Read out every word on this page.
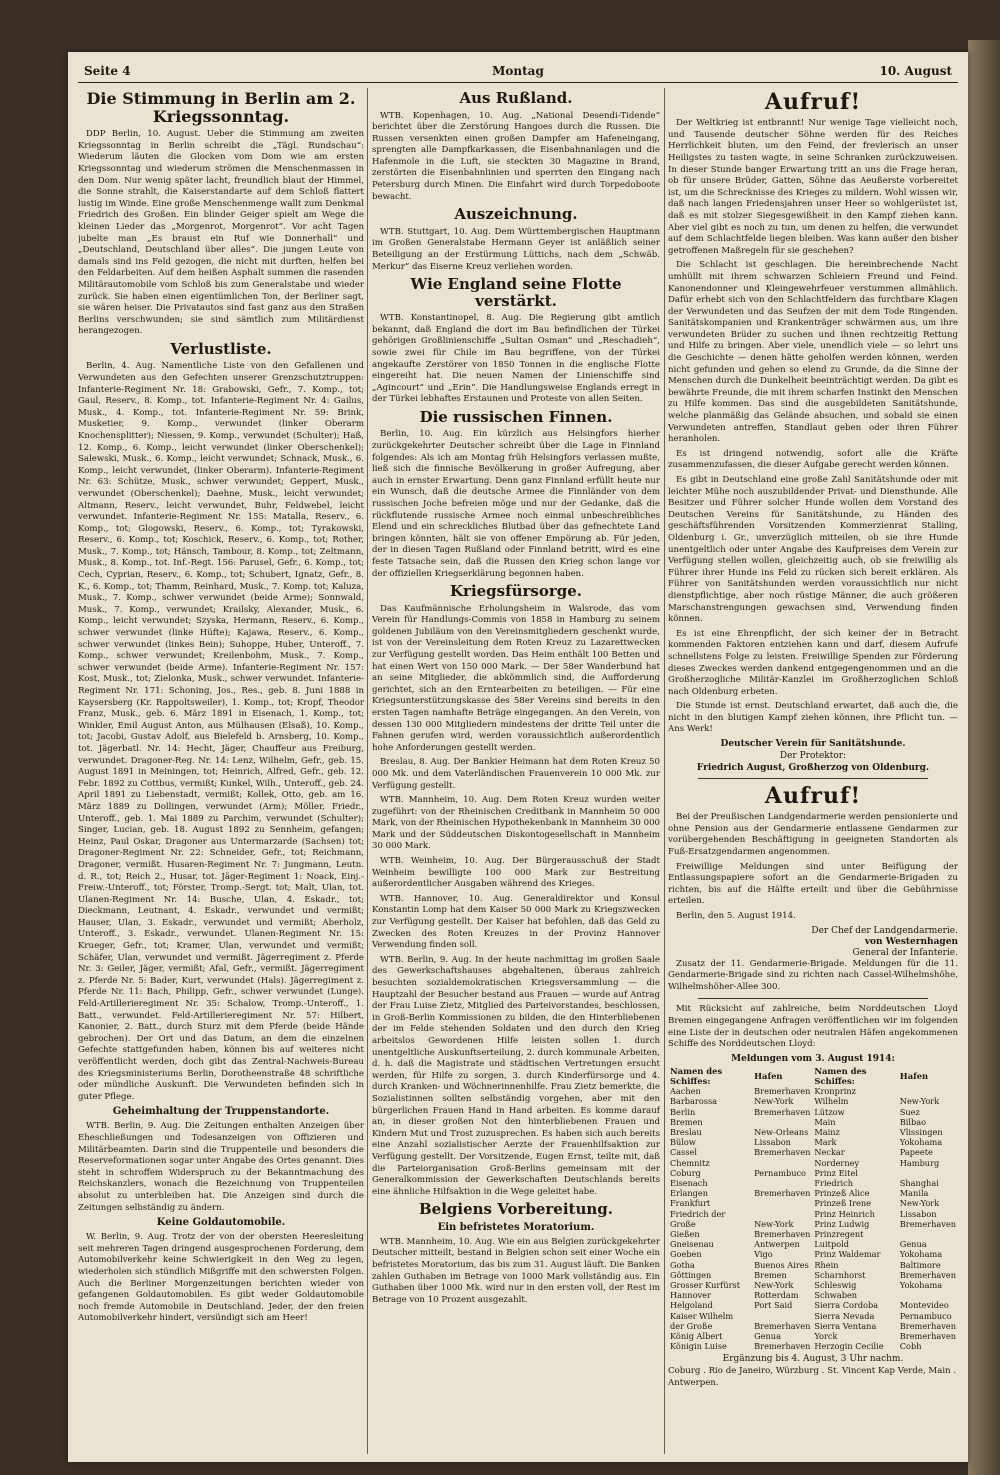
Seite 4	Montag	10. August
Die Stimmung in Berlin am 2. Kriegssonntag.

DDP Berlin, 10. August. Ueber die Stimmung am zweiten Kriegssonntag in Berlin schreibt die „Tägl. Rundschau“: Wiederum läuten die Glocken vom Dom wie am ersten Kriegssonntag und wiederum strömen die Menschenmassen in den Dom. Nur wenig später lacht, freundlich blaut der Himmel, die Sonne strahlt, die Kaiserstandarte auf dem Schloß flattert lustig im Winde. Eine große Menschenmenge wallt zum Denkmal Friedrich des Großen. Ein blinder Geiger spielt am Wege die kleinen Lieder das „Morgenrot, Morgenrot“. Vor acht Tagen jubelte man „Es braust ein Ruf wie Donnerhall“ und „Deutschland, Deutschland über alles“. Die jungen Leute von damals sind ins Feld gezogen, die nicht mit durften, helfen bei den Feldarbeiten. Auf dem heißen Asphalt summen die rasenden Militärautomobile vom Schloß bis zum Generalstabe und wieder zurück. Sie haben einen eigentümlichen Ton, der Berliner sagt, sie wären heiser. Die Privatautos sind fast ganz aus den Straßen Berlins verschwunden; sie sind sämtlich zum Militärdienst herangezogen.

Verlustliste.

Berlin, 4. Aug. Namentliche Liste von den Gefallenen und Verwundeten aus den Gefechten unserer Grenzschutztruppen: Infanterie-Regiment Nr. 18: Grabowski, Gefr., 7. Komp., tot; Gaul, Reserv., 8. Komp., tot. Infanterie-Regiment Nr. 4: Gailus, Musk., 4. Komp., tot. Infanterie-Regiment Nr. 59: Brink, Musketier, 9. Komp., verwundet (linker Oberarm Knochensplitter); Niessen, 9. Komp., verwundet (Schulter); Haß, 12. Komp., 6. Komp., leicht verwundet (linker Oberschenkel); Salewski, Musk., 6. Komp., leicht verwundet; Schnack, Musk., 6. Komp., leicht verwundet, (linker Oberarm). Infanterie-Regiment Nr. 63: Schütze, Musk., schwer verwundet; Geppert, Musk., verwundet (Oberschenkel); Daehne, Musk., leicht verwundet; Altmann, Reserv., leicht verwundet, Buhr, Feldwebel, leicht verwundet. Infanterie-Regiment Nr. 155: Matalla, Reserv., 6. Komp., tot; Glogowski, Reserv., 6. Komp., tot; Tyrakowski, Reserv., 6. Komp., tot; Koschick, Reserv., 6. Komp., tot; Rother, Musk., 7. Komp., tot; Hänsch, Tambour, 8. Komp., tot; Zeltmann, Musk., 8. Komp., tot. Inf.-Regt. 156: Parusel, Gefr., 6. Komp., tot; Cech, Cyprian, Reserv., 6. Komp., tot; Schubert, Ignatz, Gefr., 8. K., 6. Komp., tot; Thamm, Reinhard, Musk., 7. Komp. tot; Kaluza, Musk., 7. Komp., schwer verwundet (beide Arme); Sonnwald, Musk., 7. Komp., verwundet; Krailsky, Alexander, Musk., 6. Komp., leicht verwundet; Szyska, Hermann, Reserv., 6. Komp., schwer verwundet (linke Hüfte); Kajawa, Reserv., 6. Komp., schwer verwundet (linkes Bein); Suhoppe, Huber, Unteroff., 7. Komp., schwer verwundet; Kreilenbohm, Musk., 7. Komp., schwer verwundet (beide Arme). Infanterie-Regiment Nr. 157: Kost, Musk., tot; Zielonka, Musk., schwer verwundet. Infanterie-Regiment Nr. 171: Schoning, Jos., Res., geb. 8. Juni 1888 in Kaysersberg (Kr. Rappoltsweiler), 1. Komp., tot; Kropf, Theodor Franz, Musk., geb. 6. März 1891 in Eisenach, 1. Komp., tot; Winkler, Emil August Anton, aus Mülhausen (Elsaß), 10. Komp., tot; Jacobi, Gustav Adolf, aus Bielefeld b. Arnsberg, 10. Komp., tot. Jägerbatl. Nr. 14: Hecht, Jäger, Chauffeur aus Freiburg, verwundet. Dragoner-Reg. Nr. 14: Lenz, Wilhelm, Gefr., geb. 15. August 1891 in Meiningen, tot; Heinrich, Alfred, Gefr., geb. 12. Febr. 1892 zu Cottbus, vermißt; Kunkel, Wilh., Unteroff., geb. 24. April 1891 zu Liebenstadt, vermißt; Kollek, Otto, geb. am 16. März 1889 zu Dollingen, verwundet (Arm); Möller, Friedr., Unteroff., geb. 1. Mai 1889 zu Parchim, verwundet (Schulter); Singer, Lucian, geb. 18. August 1892 zu Sennheim, gefangen; Heinz, Paul Oskar, Dragoner aus Untermarzarde (Sachsen) tot; Dragoner-Regiment Nr. 22: Schneider, Gefr., tot; Reichmann, Dragoner, vermißt. Husaren-Regiment Nr. 7: Jungmann, Leutn. d. R., tot; Reich 2., Husar, tot. Jäger-Regiment 1: Noack, Einj.-Freiw.-Unteroff., tot; Förster, Tromp.-Sergt. tot; Malt, Ulan, tot. Ulanen-Regiment Nr. 14: Busche, Ulan, 4. Eskadr., tot; Dieckmann, Leutnant, 4. Eskadr., verwundet und vermißt; Hauser, Ulan, 3. Eskadr., verwundet und vermißt; Aberholz, Unteroff., 3. Eskadr., verwundet. Ulanen-Regiment Nr. 15: Krueger, Gefr., tot; Kramer, Ulan, verwundet und vermißt; Schäfer, Ulan, verwundet und vermißt. Jägerregiment z. Pferde Nr. 3: Geiler, Jäger, vermißt; Afal, Gefr., vermißt. Jägerregiment z. Pferde Nr. 5: Bader, Kurt, verwundet (Hals). Jägerregiment z. Pferde Nr. 11: Bach, Philipp, Gefr., schwer verwundet (Lunge). Feld-Artillerieregiment Nr. 35: Schalow, Tromp.-Unteroff., 1. Batt., verwundet. Feld-Artillerieregiment Nr. 57: Hilbert, Kanonier, 2. Batt., durch Sturz mit dem Pferde (beide Hände gebrochen). Der Ort und das Datum, an dem die einzelnen Gefechte stattgefunden haben, können bis auf weiteres nicht veröffentlicht werden, doch gibt das Zentral-Nachweis-Bureau des Kriegsministeriums Berlin, Dorotheenstraße 48 schriftliche oder mündliche Auskunft. Die Verwundeten befinden sich in guter Pflege.

Geheimhaltung der Truppenstandorte.

WTB. Berlin, 9. Aug. Die Zeitungen enthalten Anzeigen über Eheschließungen und Todesanzeigen von Offizieren und Militärbeamten. Darin sind die Truppenteile und besonders die Reserveformationen sogar unter Angabe des Ortes genannt. Dies steht in schroffem Widerspruch zu der Bekanntmachung des Reichskanzlers, wonach die Bezeichnung von Truppenteilen absolut zu unterbleiben hat. Die Anzeigen sind durch die Zeitungen selbständig zu ändern.

Keine Goldautomobile.

W. Berlin, 9. Aug. Trotz der von der obersten Heeresleitung seit mehreren Tagen dringend ausgesprochenen Forderung, dem Automobilverkehr keine Schwierigkeit in den Weg zu legen, wiederholen sich stündlich Mißgriffe mit den schwersten Folgen. Auch die Berliner Morgenzeitungen berichten wieder von gefangenen Goldautomobilen. Es gibt weder Goldautomobile noch fremde Automobile in Deutschland. Jeder, der den freien Automobilverkehr hindert, versündigt sich am Heer!

Aus Rußland.

WTB. Kopenhagen, 10. Aug. „National Desendi-Tidende“ berichtet über die Zerstörung Hangoes durch die Russen. Die Russen versenkten einen großen Dampfer am Hafeneingang, sprengten alle Dampfkarkassen, die Eisenbahnanlagen und die Hafenmole in die Luft, sie steckten 30 Magazine in Brand, zerstörten die Eisenbahnlinien und sperrten den Eingang nach Petersburg durch Minen. Die Einfahrt wird durch Torpedoboote bewacht.

Auszeichnung.

WTB. Stuttgart, 10. Aug. Dem Württembergischen Hauptmann im Großen Generalstabe Hermann Geyer ist anläßlich seiner Beteiligung an der Erstürmung Lüttichs, nach dem „Schwäb. Merkur“ das Eiserne Kreuz verliehen worden.

Wie England seine Flotte verstärkt.

WTB. Konstantinopel, 8. Aug. Die Regierung gibt amtlich bekannt, daß England die dort im Bau befindlichen der Türkei gehörigen Großlinienschiffe „Sultan Osman“ und „Reschadieh“, sowie zwei für Chile im Bau begriffene, von der Türkei angekaufte Zerstörer von 1850 Tonnen in die englische Flotte eingereiht hat. Die neuen Namen der Linienschiffe sind „Agincourt“ und „Erin“. Die Handlungsweise Englands erregt in der Türkei lebhaftes Erstaunen und Proteste von allen Seiten.

Die russischen Finnen.

Berlin, 10. Aug. Ein kürzlich aus Helsingfors hierher zurückgekehrter Deutscher schreibt über die Lage in Finnland folgendes: Als ich am Montag früh Helsingfors verlassen mußte, ließ sich die finnische Bevölkerung in großer Aufregung, aber auch in ernster Erwartung. Denn ganz Finnland erfüllt heute nur ein Wunsch, daß die deutsche Armee die Finnländer von dem russischen Joche befreien möge und nur der Gedanke, daß die rückflutende russische Armee noch einmal unbeschreibliches Elend und ein schreckliches Blutbad über das gefnechtete Land bringen könnten, hält sie von offener Empörung ab. Für jeden, der in diesen Tagen Rußland oder Finnland betritt, wird es eine feste Tatsache sein, daß die Russen den Krieg schon lange vor der offiziellen Kriegserklärung begonnen haben.

Kriegsfürsorge.

Das Kaufmännische Erholungsheim in Walsrode, das vom Verein für Handlungs-Commis von 1858 in Hamburg zu seinem goldenen Jubiläum von den Vereinsmitgliedern geschenkt wurde, ist von der Vereinsleitung dem Roten Kreuz zu Lazarettwecken zur Verfügung gestellt worden. Das Heim enthält 100 Betten und hat einen Wert von 150 000 Mark. — Der 58er Wanderbund hat an seine Mitglieder, die abkömmlich sind, die Aufforderung gerichtet, sich an den Erntearbeiten zu beteiligen. — Für eine Kriegsunterstützungskasse des 58er Vereins sind bereits in den ersten Tagen namhafte Beträge eingegangen. An den Verein, von dessen 130 000 Mitgliedern mindestens der dritte Teil unter die Fahnen gerufen wird, werden voraussichtlich außerordentlich hohe Anforderungen gestellt werden.

Breslau, 8. Aug. Der Bankier Heimann hat dem Roten Kreuz 50 000 Mk. und dem Vaterländischen Frauenverein 10 000 Mk. zur Verfügung gestellt.

WTB. Mannheim, 10. Aug. Dem Roten Kreuz wurden weiter zugeführt: von der Rheinischen Creditbank in Mannheim 50 000 Mark, von der Rheinischen Hypothekenbank in Mannheim 30 000 Mark und der Süddeutschen Diskontogesellschaft in Mannheim 30 000 Mark.

WTB. Weinheim, 10. Aug. Der Bürgerausschuß der Stadt Weinheim bewilligte 100 000 Mark zur Bestreitung außerordentlicher Ausgaben während des Krieges.

WTB. Hannover, 10. Aug. Generaldirektor und Konsul Konstantin Lomp hat dem Kaiser 50 000 Mark zu Kriegszwecken zur Verfügung gestellt. Der Kaiser hat befohlen, daß das Geld zu Zwecken des Roten Kreuzes in der Provinz Hannover Verwendung finden soll.

WTB. Berlin, 9. Aug. In der heute nachmittag im großen Saale des Gewerkschaftshauses abgehaltenen, überaus zahlreich besuchten sozialdemokratischen Kriegsversammlung — die Hauptzahl der Besucher bestand aus Frauen — wurde auf Antrag der Frau Luise Zietz, Mitglied des Parteivorstandes, beschlossen, in Groß-Berlin Kommissionen zu bilden, die den Hinterbliebenen der im Felde stehenden Soldaten und den durch den Krieg arbeitslos Gewordenen Hilfe leisten sollen 1. durch unentgeltliche Auskunftserteilung, 2. durch kommunale Arbeiten, d. h. daß die Magistrate und städtischen Vertretungen ersucht werden, für Hilfe zu sorgen, 3. durch Kinderfürsorge und 4. durch Kranken- und Wöchnerinnenhilfe. Frau Zietz bemerkte, die Sozialistinnen sollten selbständig vorgehen, aber mit den bürgerlichen Frauen Hand in Hand arbeiten. Es komme darauf an, in dieser großen Not den hinterbliebenen Frauen und Kindern Mut und Trost zuzusprechen. Es haben sich auch bereits eine Anzahl sozialistischer Aerzte der Frauenhilfsaktion zur Verfügung gestellt. Der Vorsitzende, Eugen Ernst, teilte mit, daß die Parteiorganisation Groß-Berlins gemeinsam mit der Generalkommission der Gewerkschaften Deutschlands bereits eine ähnliche Hilfsaktion in die Wege geleitet habe.

Belgiens Vorbereitung.
Ein befristetes Moratorium.

WTB. Mannheim, 10. Aug. Wie ein aus Belgien zurückgekehrter Deutscher mitteilt, bestand in Belgien schon seit einer Woche ein befristetes Moratorium, das bis zum 31. August läuft. Die Banken zahlen Guthaben im Betrage von 1000 Mark vollständig aus. Ein Guthaben über 1000 Mk. wird nur in den ersten voll, der Rest im Betrage von 10 Prozent ausgezahlt.

Aufruf!

Der Weltkrieg ist entbrannt! Nur wenige Tage vielleicht noch, und Tausende deutscher Söhne werden für des Reiches Herrlichkeit bluten, um den Feind, der frevlerisch an unser Heiligstes zu tasten wagte, in seine Schranken zurückzuweisen. In dieser Stunde banger Erwartung tritt an uns die Frage heran, ob für unsere Brüder, Gatten, Söhne das Aeußerste vorbereitet ist, um die Schrecknisse des Krieges zu mildern. Wohl wissen wir, daß nach langen Friedensjahren unser Heer so wohlgerüstet ist, daß es mit stolzer Siegesgewißheit in den Kampf ziehen kann. Aber viel gibt es noch zu tun, um denen zu helfen, die verwundet auf dem Schlachtfelde liegen bleiben. Was kann außer den bisher getroffenen Maßregeln für sie geschehen?

Die Schlacht ist geschlagen. Die hereinbrechende Nacht umhüllt mit ihrem schwarzen Schleiern Freund und Feind. Kanonendonner und Kleingewehrfeuer verstummen allmählich. Dafür erhebt sich von den Schlachtfeldern das furchtbare Klagen der Verwundeten und das Seufzen der mit dem Tode Ringenden. Sanitätskompanien und Krankenträger schwärmen aus, um ihre verwundeten Brüder zu suchen und ihnen rechtzeitig Rettung und Hilfe zu bringen. Aber viele, unendlich viele — so lehrt uns die Geschichte — denen hätte geholfen werden können, werden nicht gefunden und gehen so elend zu Grunde, da die Sinne der Menschen durch die Dunkelheit beeinträchtigt werden. Da gibt es bewährte Freunde, die mit ihrem scharfen Instinkt den Menschen zu Hilfe kommen. Das sind die ausgebildeten Sanitätshunde, welche planmäßig das Gelände absuchen, und sobald sie einen Verwundeten antreffen, Standlaut geben oder ihren Führer heranholen.

Es ist dringend notwendig, sofort alle die Kräfte zusammenzufassen, die dieser Aufgabe gerecht werden können.

Es gibt in Deutschland eine große Zahl Sanitätshunde oder mit leichter Mühe noch auszubildender Privat- und Diensthunde. Alle Besitzer und Führer solcher Hunde wollen dem Vorstand des Deutschen Vereins für Sanitätshunde, zu Händen des geschäftsführenden Vorsitzenden Kommerzienrat Stalling, Oldenburg i. Gr., unverzüglich mitteilen, ob sie ihre Hunde unentgeltlich oder unter Angabe des Kaufpreises dem Verein zur Verfügung stellen wollen, gleichzeitig auch, ob sie freiwillig als Führer ihrer Hunde ins Feld zu rücken sich bereit erklären. Als Führer von Sanitätshunden werden voraussichtlich nur nicht dienstpflichtige, aber noch rüstige Männer, die auch größeren Marschanstrengungen gewachsen sind, Verwendung finden können.

Es ist eine Ehrenpflicht, der sich keiner der in Betracht kommenden Faktoren entziehen kann und darf, diesem Aufrufe schnellstens Folge zu leisten. Freiwillige Spenden zur Förderung dieses Zweckes werden dankend entgegengenommen und an die Großherzogliche Militär-Kanzlei im Großherzoglichen Schloß nach Oldenburg erbeten.

Die Stunde ist ernst. Deutschland erwartet, daß auch die, die nicht in den blutigen Kampf ziehen können, ihre Pflicht tun. — Ans Werk!

Deutscher Verein für Sanitätshunde.
Der Protektor:
Friedrich August, Großherzog von Oldenburg.
Aufruf!

Bei der Preußischen Landgendarmerie werden pensionierte und ohne Pension aus der Gendarmerie entlassene Gendarmen zur vorübergehenden Beschäftigung in geeigneten Standorten als Fuß-Ersatzgendarmen angenommen.

Freiwillige Meldungen sind unter Beifügung der Entlassungspapiere sofort an die Gendarmerie-Brigaden zu richten, bis auf die Hälfte erteilt und über die Gebührnisse erteilen.

Berlin, den 5. August 1914.

Der Chef der Landgendarmerie.
von Westernhagen
General der Infanterie.

Zusatz der 11. Gendarmerie-Brigade. Meldungen für die 11. Gendarmerie-Brigade sind zu richten nach Cassel-Wilhelmshöhe, Wilhelmshöher-Allee 300.

Mit Rücksicht auf zahlreiche, beim Norddeutschen Lloyd Bremen eingegangene Anfragen veröffentlichen wir im folgenden eine Liste der in deutschen oder neutralen Häfen angekommenen Schiffe des Norddeutschen Lloyd:

Meldungen vom 3. August 1914:
Namen des Schiffes:	Hafen	Namen des Schiffes:	Hafen
Aachen	Bremerhaven	Kronprinz	
Barbarossa	New-York	Wilhelm	New-York
Berlin	Bremerhaven	Lützow	Suez
Bremen		Main	Bilbao
Breslau	New-Orleans	Mainz	Vlissingen
Bülow	Lissabon	Mark	Yokohama
Cassel	Bremerhaven	Neckar	Papeete
Chemnitz		Norderney	Hamburg
Coburg	Pernambuco	Prinz Eitel	
Eisenach		Friedrich	Shanghai
Erlangen	Bremerhaven	Prinzeß Alice	Manila
Frankfurt		Prinzeß Irene	New-York
Friedrich der		Prinz Heinrich	Lissabon
Große	New-York	Prinz Ludwig	Bremerhaven
Gießen	Bremerhaven	Prinzregent	
Gneisenau	Antwerpen	Luitpold	Genua
Goeben	Vigo	Prinz Waldemar	Yokohama
Gotha	Buenos Aires	Rhein	Baltimore
Göttingen	Bremen	Scharnhorst	Bremerhaven
Grosser Kurfürst	New-York	Schleswig	Yokohama
Hannover	Rotterdam	Schwaben	
Helgoland	Port Said	Sierra Cordoba	Montevideo
Kaiser Wilhelm		Sierra Nevada	Pernambuco
der Große	Bremerhaven	Sierra Ventana	Bremerhaven
König Albert	Genua	Yorck	Bremerhaven
Königin Luise	Bremerhaven	Herzogin Cecilie	Cobh
Ergänzung bis 4. August, 3 Uhr nachm.

Coburg . Rio de Janeiro, Würzburg . St. Vincent Kap Verde, Main . Antwerpen.
